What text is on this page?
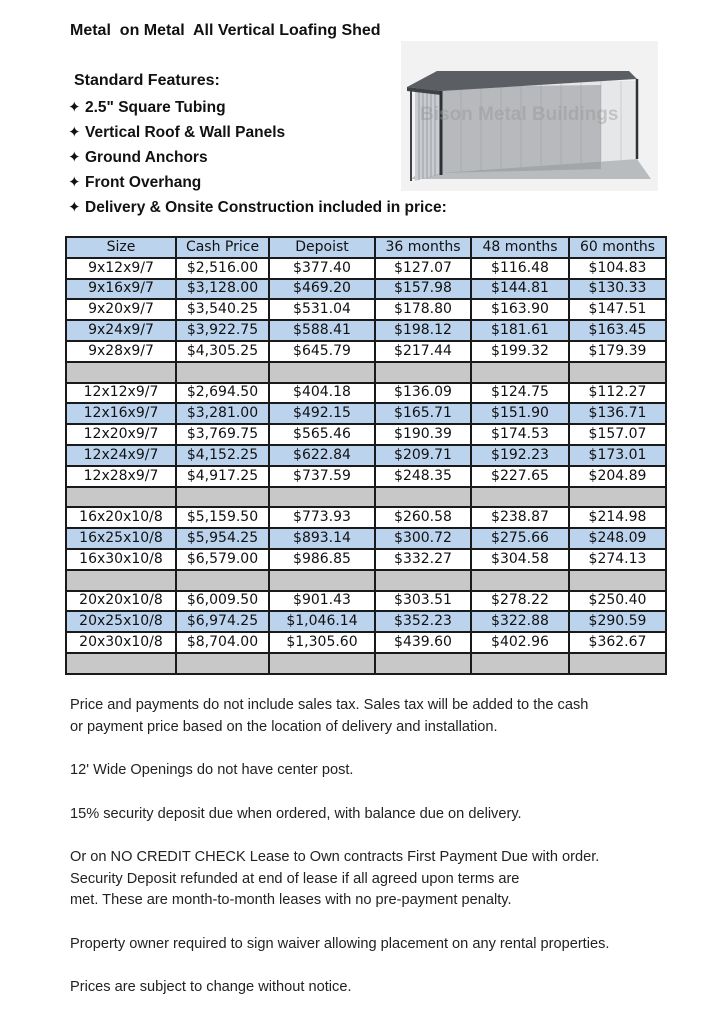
Metal  on Metal  All Vertical Loafing Shed
Standard Features:
✦ 2.5" Square Tubing
✦ Vertical Roof & Wall Panels
✦ Ground Anchors
✦ Front Overhang
✦ Delivery & Onsite Construction included in price:
Bison Metal Buildings
Size	Cash Price	Depoist	36 months	48 months	60 months
9x12x9/7	$2,516.00	$377.40	$127.07	$116.48	$104.83
9x16x9/7	$3,128.00	$469.20	$157.98	$144.81	$130.33
9x20x9/7	$3,540.25	$531.04	$178.80	$163.90	$147.51
9x24x9/7	$3,922.75	$588.41	$198.12	$181.61	$163.45
9x28x9/7	$4,305.25	$645.79	$217.44	$199.32	$179.39

12x12x9/7	$2,694.50	$404.18	$136.09	$124.75	$112.27
12x16x9/7	$3,281.00	$492.15	$165.71	$151.90	$136.71
12x20x9/7	$3,769.75	$565.46	$190.39	$174.53	$157.07
12x24x9/7	$4,152.25	$622.84	$209.71	$192.23	$173.01
12x28x9/7	$4,917.25	$737.59	$248.35	$227.65	$204.89

16x20x10/8	$5,159.50	$773.93	$260.58	$238.87	$214.98
16x25x10/8	$5,954.25	$893.14	$300.72	$275.66	$248.09
16x30x10/8	$6,579.00	$986.85	$332.27	$304.58	$274.13

20x20x10/8	$6,009.50	$901.43	$303.51	$278.22	$250.40
20x25x10/8	$6,974.25	$1,046.14	$352.23	$322.88	$290.59
20x30x10/8	$8,704.00	$1,305.60	$439.60	$402.96	$362.67

Price and payments do not include sales tax. Sales tax will be added to the cash
or payment price based on the location of delivery and installation.

12' Wide Openings do not have center post.

15% security deposit due when ordered, with balance due on delivery.

Or on NO CREDIT CHECK Lease to Own contracts First Payment Due with order.
Security Deposit refunded at end of lease if all agreed upon terms are
met. These are month-to-month leases with no pre-payment penalty.

Property owner required to sign waiver allowing placement on any rental properties.

Prices are subject to change without notice.
